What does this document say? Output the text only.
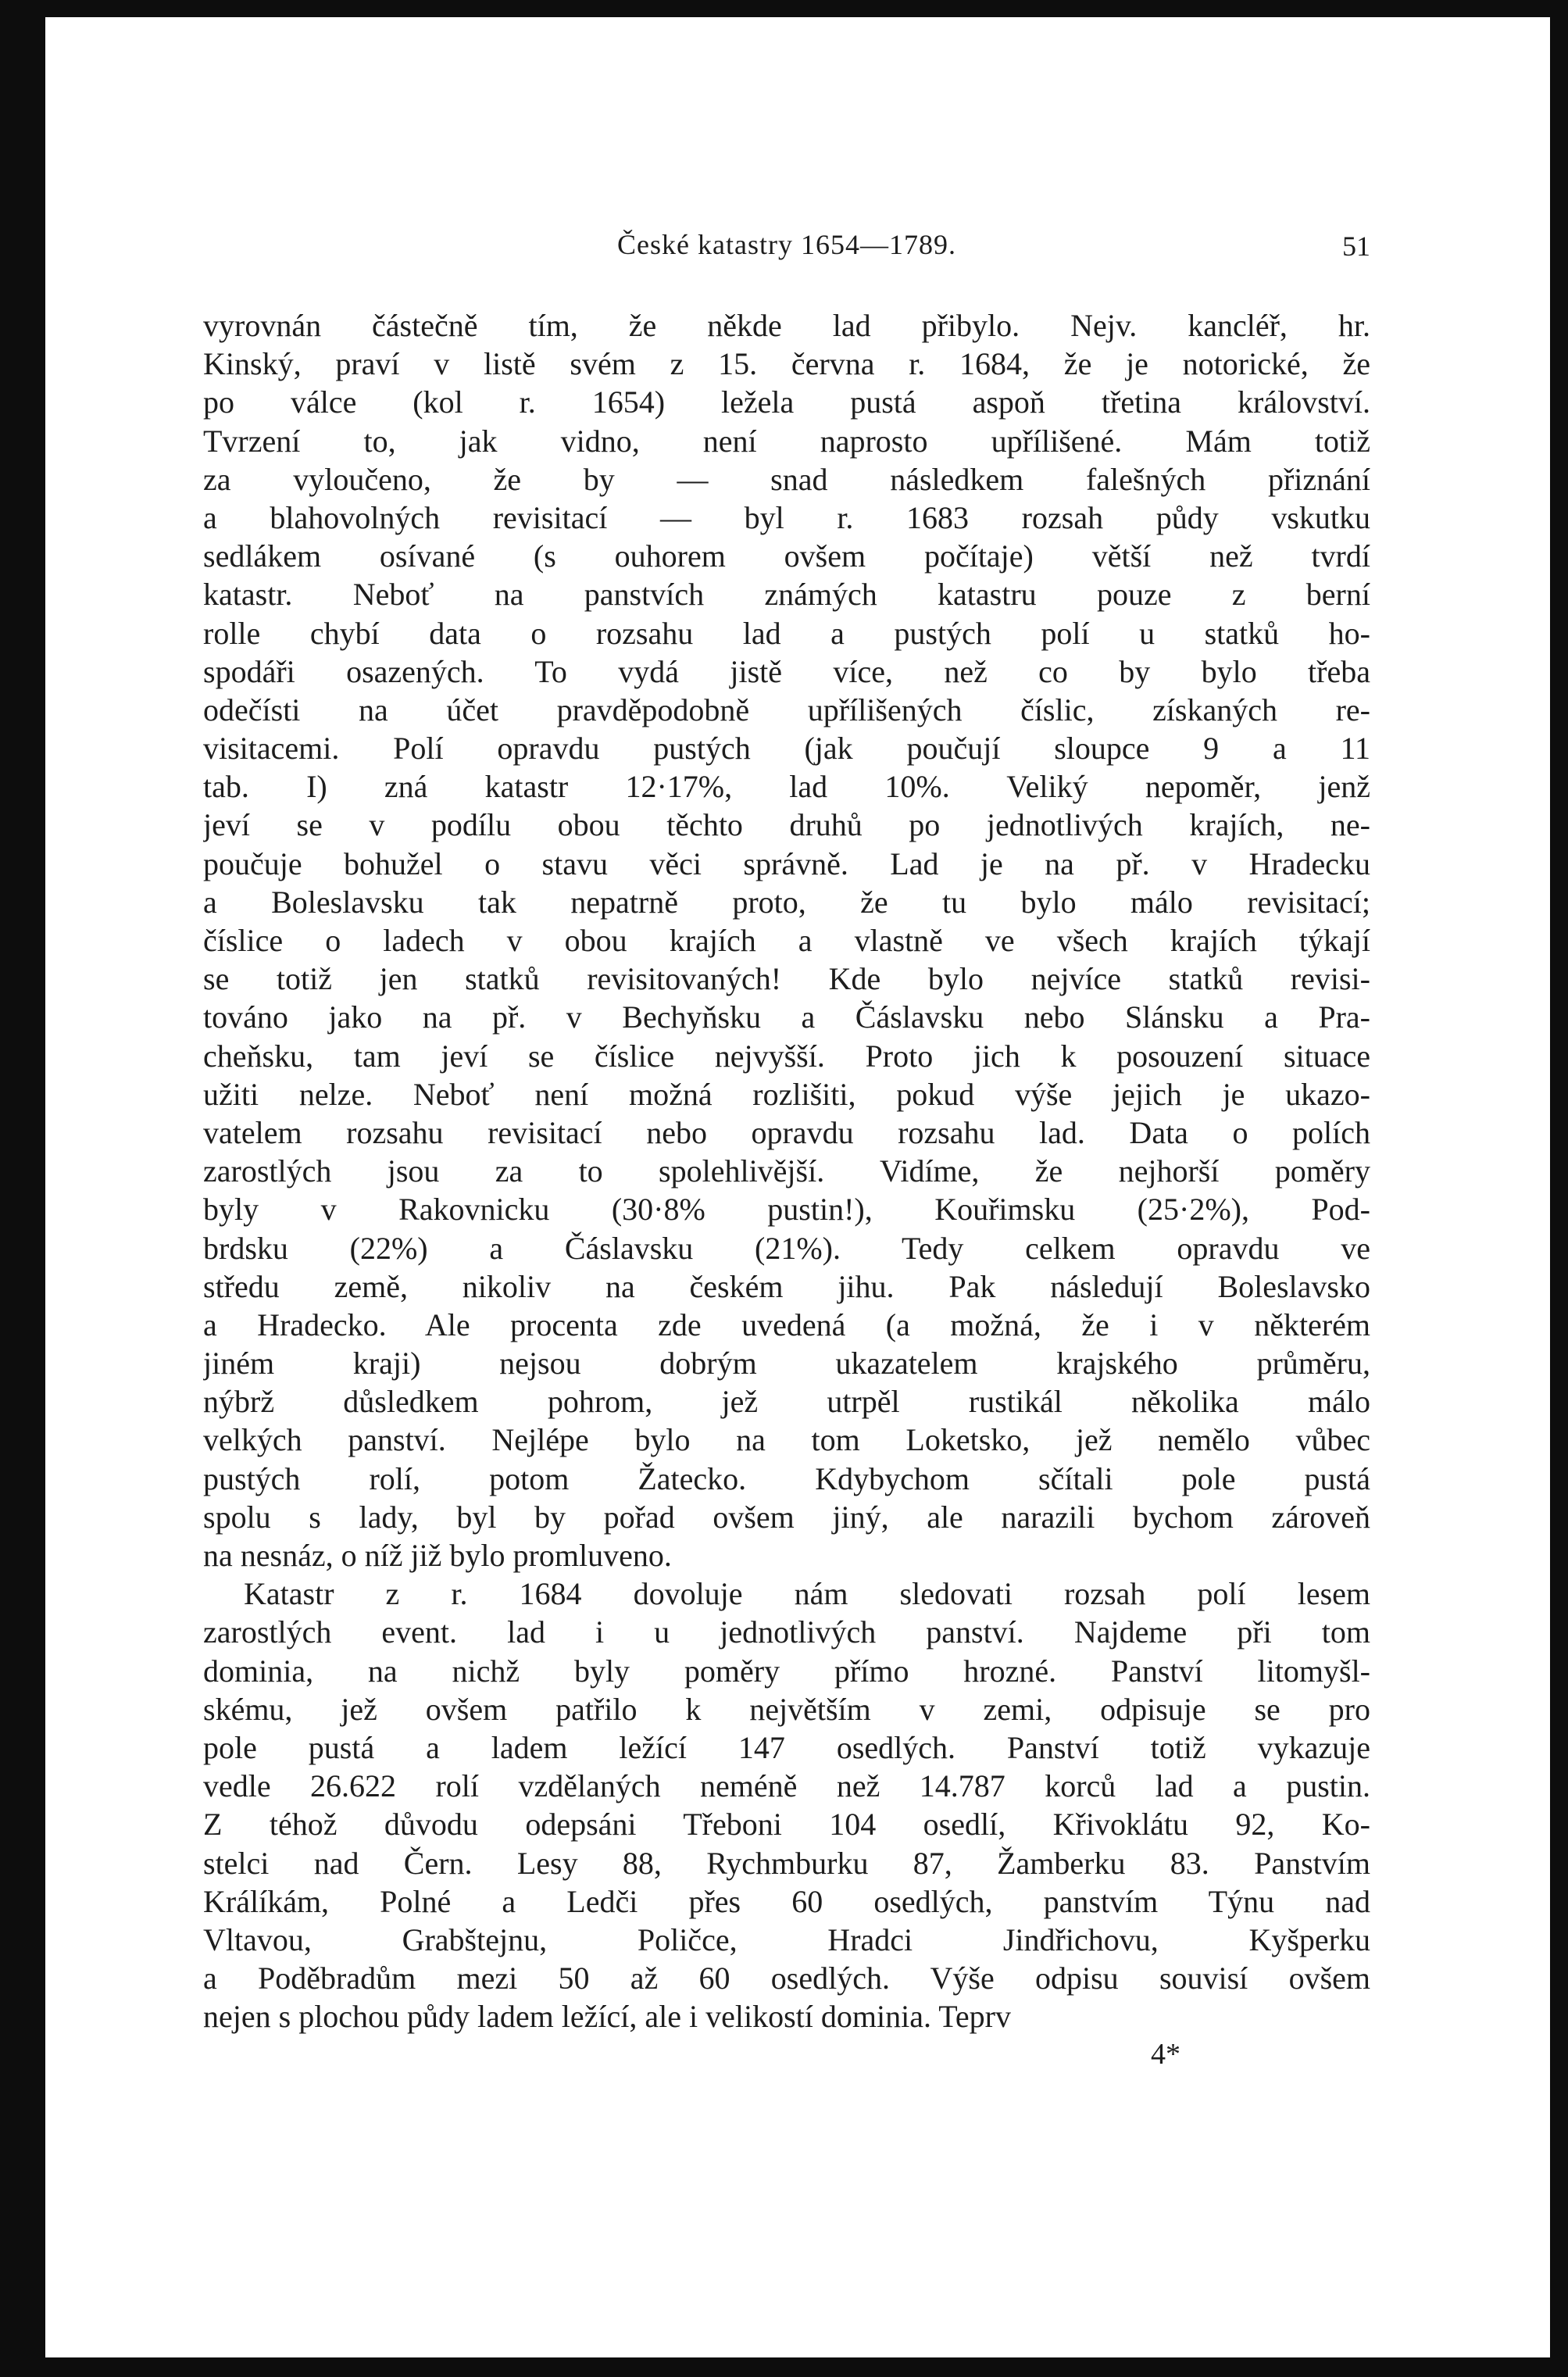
České katastry 1654—1789.	51
vyrovnán částečně tím, že někde lad přibylo. Nejv. kancléř, hr.
Kinský, praví v listě svém z 15. června r. 1684, že je notorické, že
po válce (kol r. 1654) ležela pustá aspoň třetina království.
Tvrzení to, jak vidno, není naprosto upřílišené. Mám totiž
za vyloučeno, že by — snad následkem falešných přiznání
a blahovolných revisitací — byl r. 1683 rozsah půdy vskutku
sedlákem osívané (s ouhorem ovšem počítaje) větší než tvrdí
katastr. Neboť na panstvích známých katastru pouze z berní
rolle chybí data o rozsahu lad a pustých polí u statků ho-
spodáři osazených. To vydá jistě více, než co by bylo třeba
odečísti na účet pravděpodobně upřílišených číslic, získaných re-
visitacemi. Polí opravdu pustých (jak poučují sloupce 9 a 11
tab. I) zná katastr 12·17%, lad 10%. Veliký nepoměr, jenž
jeví se v podílu obou těchto druhů po jednotlivých krajích, ne-
poučuje bohužel o stavu věci správně. Lad je na př. v Hradecku
a Boleslavsku tak nepatrně proto, že tu bylo málo revisitací;
číslice o ladech v obou krajích a vlastně ve všech krajích týkají
se totiž jen statků revisitovaných! Kde bylo nejvíce statků revisi-
továno jako na př. v Bechyňsku a Čáslavsku nebo Slánsku a Pra-
cheňsku, tam jeví se číslice nejvyšší. Proto jich k posouzení situace
užiti nelze. Neboť není možná rozlišiti, pokud výše jejich je ukazo-
vatelem rozsahu revisitací nebo opravdu rozsahu lad. Data o polích
zarostlých jsou za to spolehlivější. Vidíme, že nejhorší poměry
byly v Rakovnicku (30·8% pustin!), Kouřimsku (25·2%), Pod-
brdsku (22%) a Čáslavsku (21%). Tedy celkem opravdu ve
středu země, nikoliv na českém jihu. Pak následují Boleslavsko
a Hradecko. Ale procenta zde uvedená (a možná, že i v některém
jiném kraji) nejsou dobrým ukazatelem krajského průměru,
nýbrž důsledkem pohrom, jež utrpěl rustikál několika málo
velkých panství. Nejlépe bylo na tom Loketsko, jež nemělo vůbec
pustých rolí, potom Žatecko. Kdybychom sčítali pole pustá
spolu s lady, byl by pořad ovšem jiný, ale narazili bychom zároveň
na nesnáz, o níž již bylo promluveno.
Katastr z r. 1684 dovoluje nám sledovati rozsah polí lesem
zarostlých event. lad i u jednotlivých panství. Najdeme při tom
dominia, na nichž byly poměry přímo hrozné. Panství litomyšl-
skému, jež ovšem patřilo k největším v zemi, odpisuje se pro
pole pustá a ladem ležící 147 osedlých. Panství totiž vykazuje
vedle 26.622 rolí vzdělaných neméně než 14.787 korců lad a pustin.
Z téhož důvodu odepsáni Třeboni 104 osedlí, Křivoklátu 92, Ko-
stelci nad Čern. Lesy 88, Rychmburku 87, Žamberku 83. Panstvím
Králíkám, Polné a Ledči přes 60 osedlých, panstvím Týnu nad
Vltavou, Grabštejnu, Poličce, Hradci Jindřichovu, Kyšperku
a Poděbradům mezi 50 až 60 osedlých. Výše odpisu souvisí ovšem
nejen s plochou půdy ladem ležící, ale i velikostí dominia. Teprv
4*
